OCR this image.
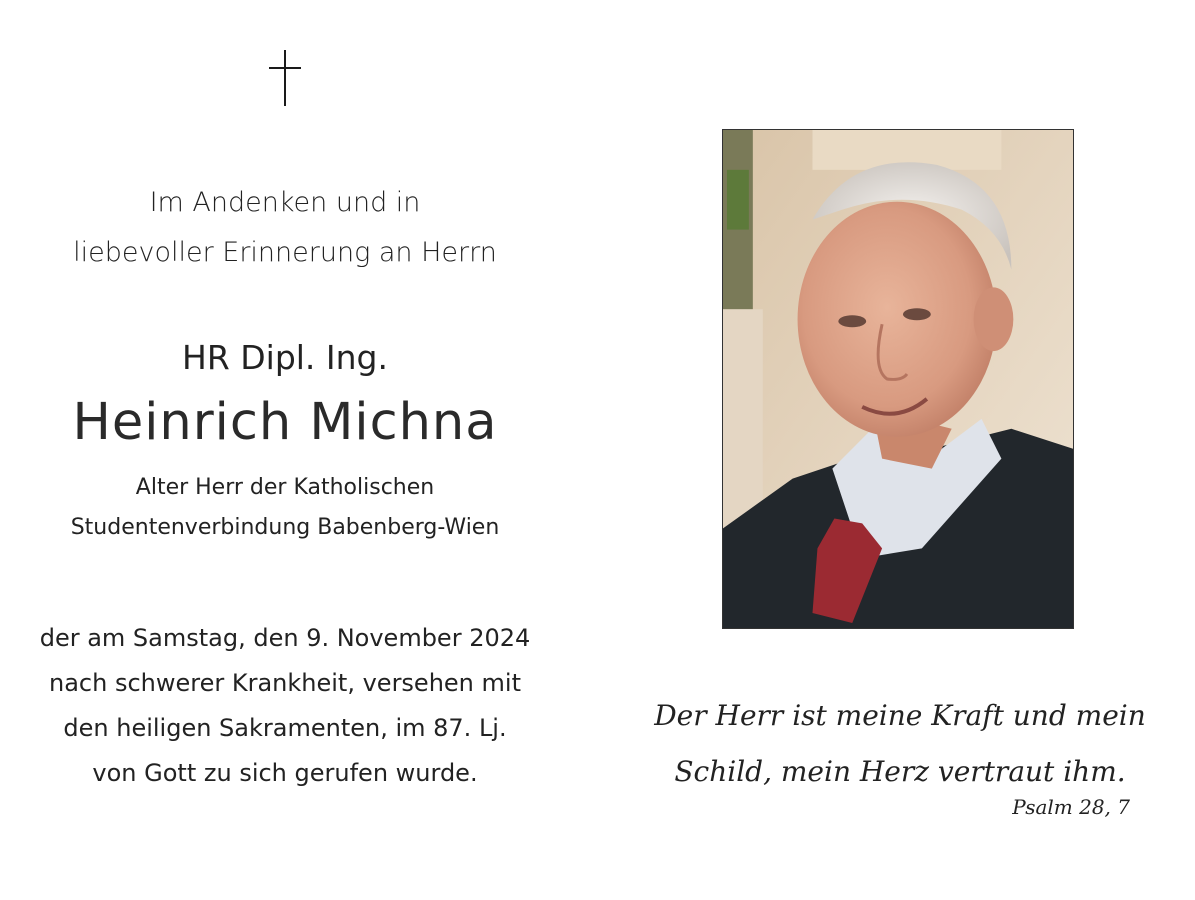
Im Andenken und in
liebevoller Erinnerung an Herrn
HR Dipl. Ing.
Heinrich Michna
Alter Herr der Katholischen
Studentenverbindung Babenberg-Wien
der am Samstag, den 9. November 2024
nach schwerer Krankheit, versehen mit
den heiligen Sakramenten, im 87. Lj.
von Gott zu sich gerufen wurde.
Der Herr ist meine Kraft und mein
Schild, mein Herz vertraut ihm.
Psalm 28, 7
